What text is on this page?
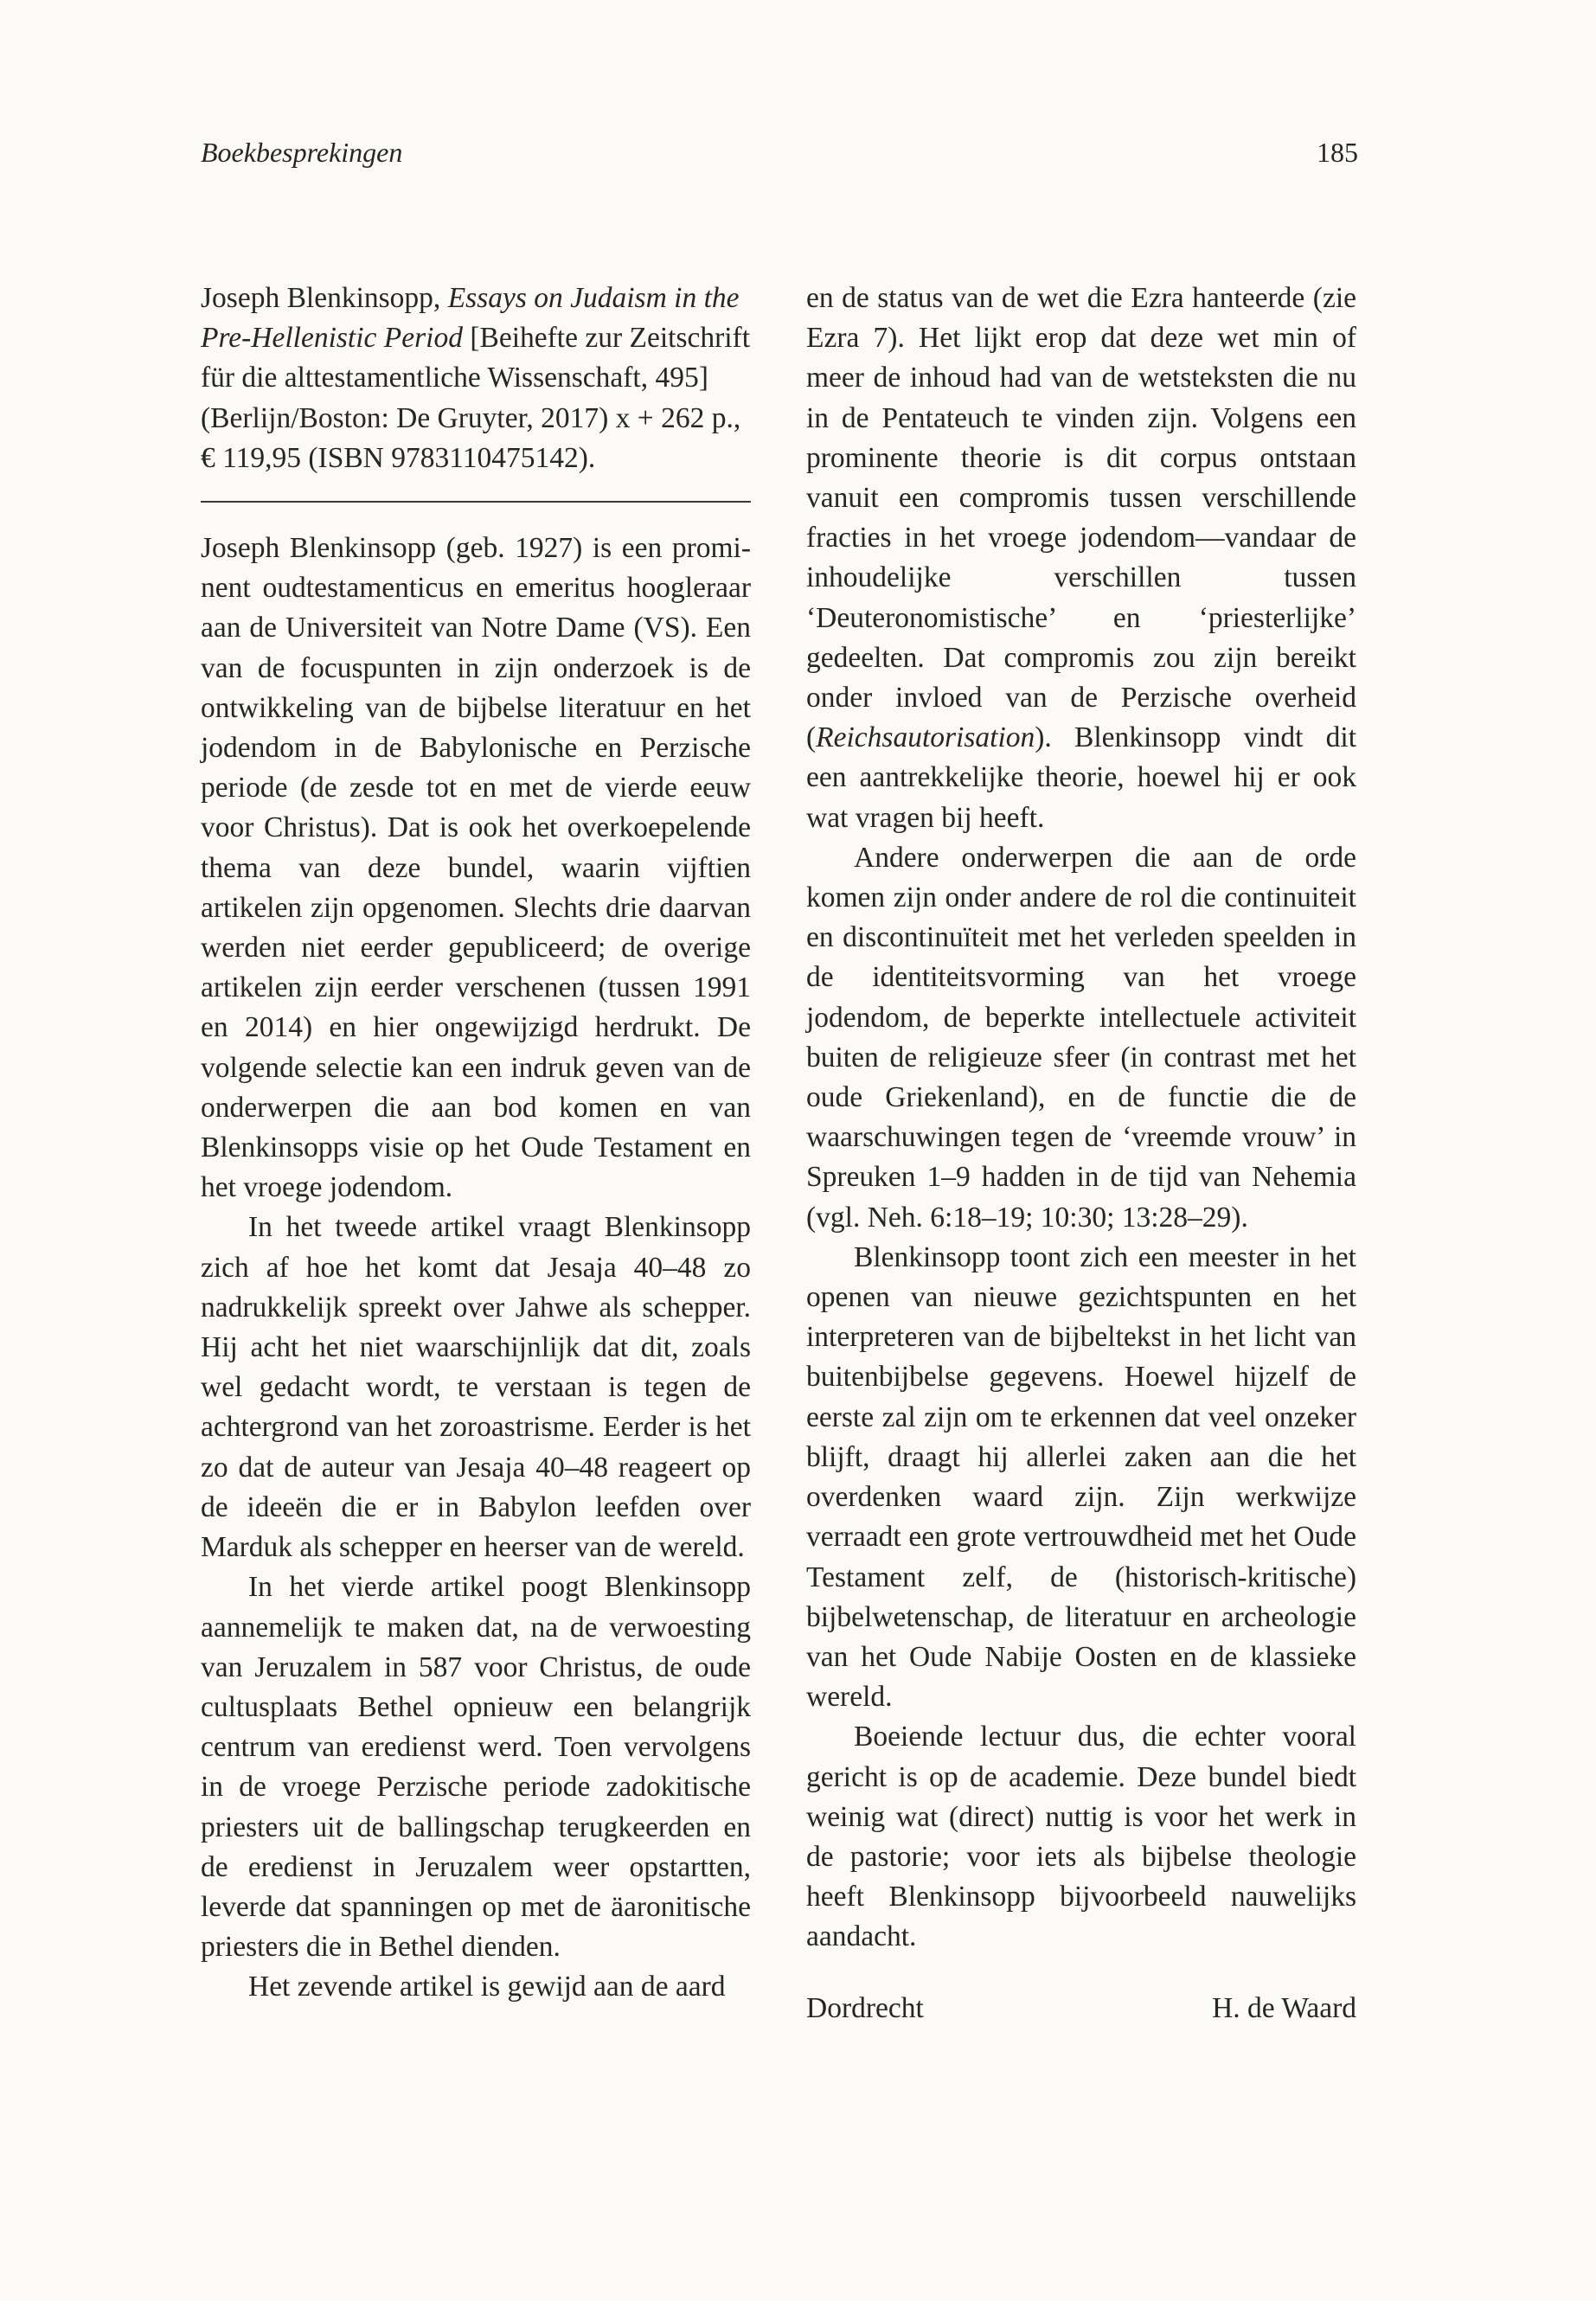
Boekbesprekingen	185

Joseph Blenkinsopp, Essays on Judaism in the Pre-Hellenistic Period [Beihefte zur Zeitschrift für die alttestamentliche Wissenschaft, 495] (Berlijn/Boston: De Gruyter, 2017) x + 262 p., € 119,95 (ISBN 9783110475142).

Joseph Blenkinsopp (geb. 1927) is een prominent oudtestamenticus en emeritus hoogleraar aan de Universiteit van Notre Dame (VS). Een van de focuspunten in zijn onderzoek is de ontwikkeling van de bijbelse literatuur en het jodendom in de Babylonische en Perzische periode (de zesde tot en met de vierde eeuw voor Christus). Dat is ook het overkoepelende thema van deze bundel, waarin vijftien artikelen zijn opgenomen. Slechts drie daarvan werden niet eerder gepubliceerd; de overige artikelen zijn eerder verschenen (tussen 1991 en 2014) en hier ongewijzigd herdrukt. De volgende selectie kan een indruk geven van de onderwerpen die aan bod komen en van Blenkinsopps visie op het Oude Testament en het vroege jodendom.

In het tweede artikel vraagt Blenkinsopp zich af hoe het komt dat Jesaja 40–48 zo nadrukkelijk spreekt over Jahwe als schepper. Hij acht het niet waarschijnlijk dat dit, zoals wel gedacht wordt, te verstaan is tegen de achtergrond van het zoroastrisme. Eerder is het zo dat de auteur van Jesaja 40–48 reageert op de ideeën die er in Babylon leefden over Marduk als schepper en heerser van de wereld.

In het vierde artikel poogt Blenkinsopp aannemelijk te maken dat, na de verwoesting van Jeruzalem in 587 voor Christus, de oude cultusplaats Bethel opnieuw een belangrijk centrum van eredienst werd. Toen vervolgens in de vroege Perzische periode zadokitische priesters uit de ballingschap terugkeerden en de eredienst in Jeruzalem weer opstartten, leverde dat spanningen op met de äaronitische priesters die in Bethel dienden.

Het zevende artikel is gewijd aan de aard

en de status van de wet die Ezra hanteerde (zie Ezra 7). Het lijkt erop dat deze wet min of meer de inhoud had van de wetsteksten die nu in de Pentateuch te vinden zijn. Volgens een prominente theorie is dit corpus ontstaan vanuit een compromis tussen verschillende fracties in het vroege jodendom—vandaar de inhoudelijke verschillen tussen ‘Deuteronomistische’ en ‘priesterlijke’ gedeelten. Dat compromis zou zijn bereikt onder invloed van de Perzische overheid (Reichsautorisation). Blenkinsopp vindt dit een aantrekkelijke theorie, hoewel hij er ook wat vragen bij heeft.

Andere onderwerpen die aan de orde komen zijn onder andere de rol die continuiteit en discontinuïteit met het verleden speelden in de identiteitsvorming van het vroege jodendom, de beperkte intellectuele activiteit buiten de religieuze sfeer (in contrast met het oude Griekenland), en de functie die de waarschuwingen tegen de ‘vreemde vrouw’ in Spreuken 1–9 hadden in de tijd van Nehemia (vgl. Neh. 6:18–19; 10:30; 13:28–29).

Blenkinsopp toont zich een meester in het openen van nieuwe gezichtspunten en het interpreteren van de bijbeltekst in het licht van buitenbijbelse gegevens. Hoewel hijzelf de eerste zal zijn om te erkennen dat veel onzeker blijft, draagt hij allerlei zaken aan die het overdenken waard zijn. Zijn werkwijze verraadt een grote vertrouwdheid met het Oude Testament zelf, de (historisch-kritische) bijbelwetenschap, de literatuur en archeologie van het Oude Nabije Oosten en de klassieke wereld.

Boeiende lectuur dus, die echter vooral gericht is op de academie. Deze bundel biedt weinig wat (direct) nuttig is voor het werk in de pastorie; voor iets als bijbelse theologie heeft Blenkinsopp bijvoorbeeld nauwelijks aandacht.

Dordrecht	H. de Waard
